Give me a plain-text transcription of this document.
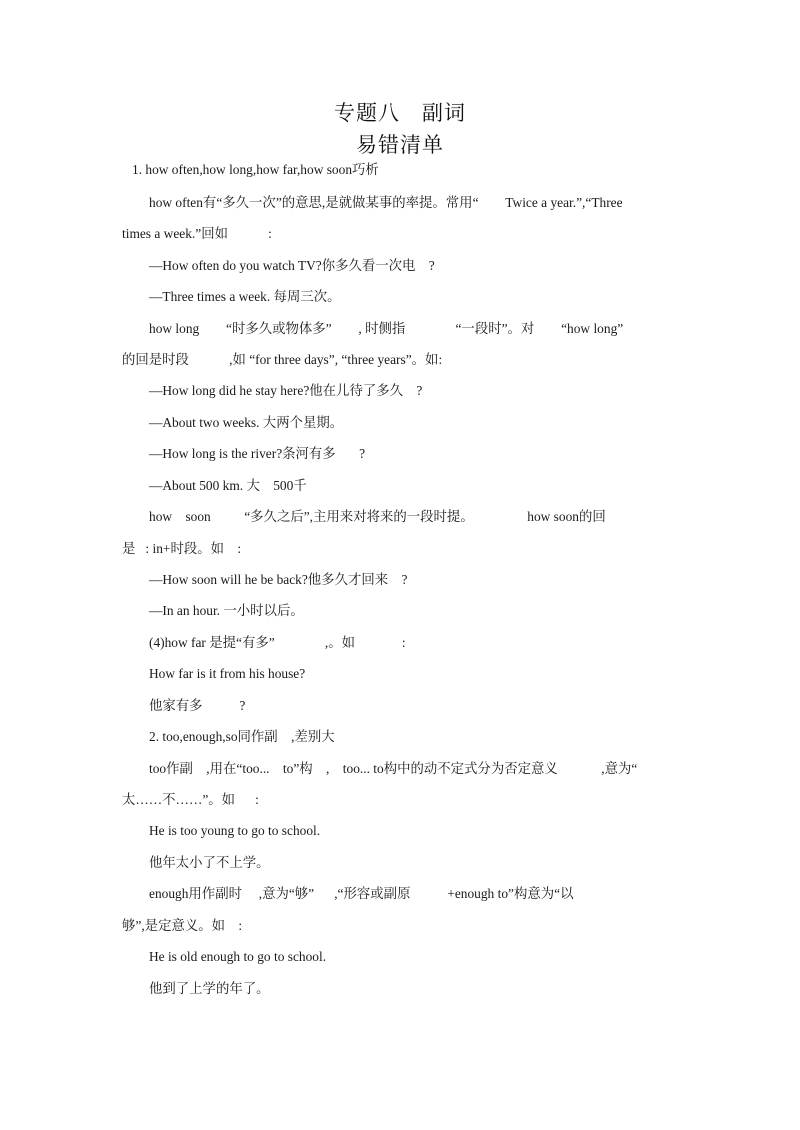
专题八　副词
易错清单
1. how often,how long,how far,how soon巧析
how often有“多久一次”的意思,是就做某事的率提。常用“        Twice a year.”,“Three
times a week.”回如            :
—How often do you watch TV?你多久看一次电    ?
—Three times a week. 每周三次。
how long        “时多久或物体多”        , 时侧指               “一段时”。对        “how long”
的回是时段            ,如 “for three days”, “three years”。如:
—How long did he stay here?他在儿待了多久    ?
—About two weeks. 大两个星期。
—How long is the river?条河有多       ?
—About 500 km. 大    500千
how    soon          “多久之后”,主用来对将来的一段时提。                how soon的回
是   : in+时段。如    :
—How soon will he be back?他多久才回来    ?
—In an hour. 一小时以后。
(4)how far 是提“有多”               ,。如              :
How far is it from his house?
他家有多           ?
2. too,enough,so同作副    ,差别大
too作副    ,用在“too...    to”构    ,    too... to构中的动不定式分为否定意义             ,意为“
太……不……”。如      :
He is too young to go to school.
他年太小了不上学。
enough用作副时     ,意为“够”      ,“形容或副原           +enough to”构意为“以
够”,是定意义。如    :
He is old enough to go to school.
他到了上学的年了。
